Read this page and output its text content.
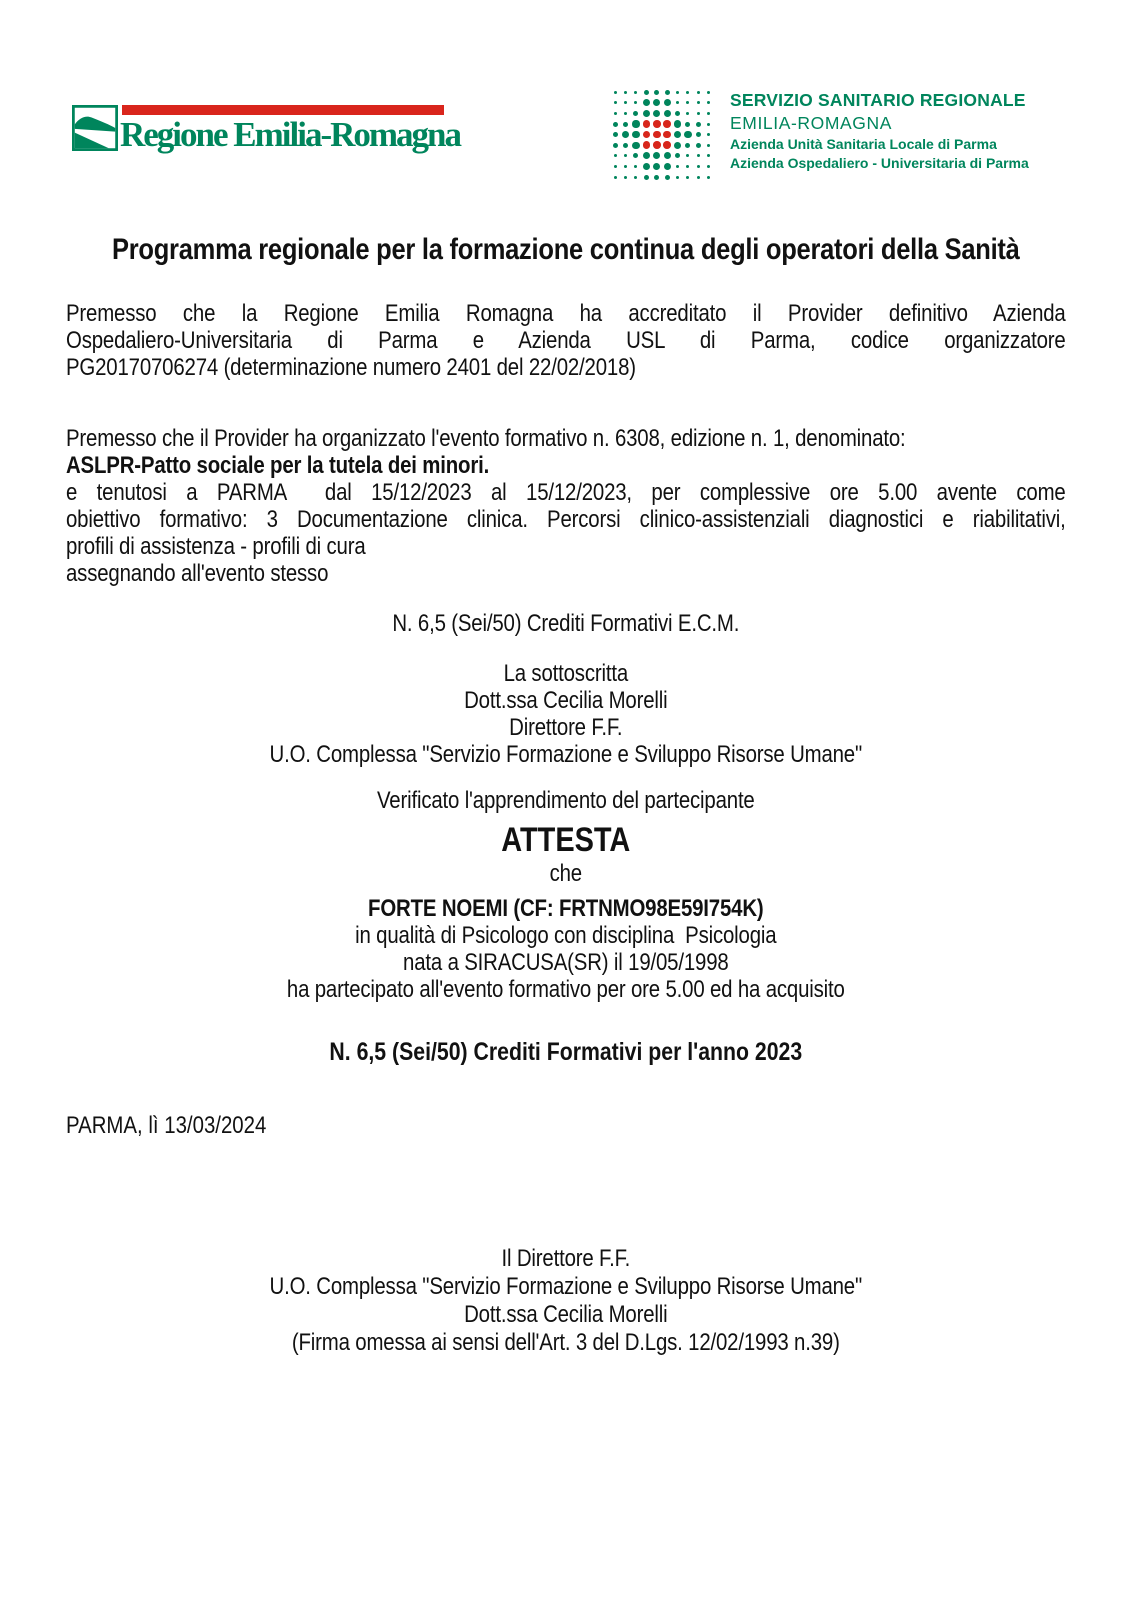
Regione Emilia-Romagna
SERVIZIO SANITARIO REGIONALE
EMILIA-ROMAGNA
Azienda Unità Sanitaria Locale di Parma
Azienda Ospedaliero - Universitaria di Parma
Programma regionale per la formazione continua degli operatori della Sanità
Premesso che la Regione Emilia Romagna ha accreditato il Provider definitivo Azienda
Ospedaliero-Universitaria di Parma e Azienda USL di Parma, codice organizzatore
PG20170706274 (determinazione numero 2401 del 22/02/2018)
Premesso che il Provider ha organizzato l'evento formativo n. 6308, edizione n. 1, denominato:
ASLPR-Patto sociale per la tutela dei minori.
e tenutosi a PARMA  dal 15/12/2023 al 15/12/2023, per complessive ore 5.00 avente come
obiettivo formativo: 3 Documentazione clinica. Percorsi clinico-assistenziali diagnostici e riabilitativi,
profili di assistenza - profili di cura
assegnando all'evento stesso
N. 6,5 (Sei/50) Crediti Formativi E.C.M.
La sottoscritta
Dott.ssa Cecilia Morelli
Direttore F.F.
U.O. Complessa "Servizio Formazione e Sviluppo Risorse Umane"
Verificato l'apprendimento del partecipante
ATTESTA
che
FORTE NOEMI (CF: FRTNMO98E59I754K)
in qualità di Psicologo con disciplina  Psicologia
nata a SIRACUSA(SR) il 19/05/1998
ha partecipato all'evento formativo per ore 5.00 ed ha acquisito
N. 6,5 (Sei/50) Crediti Formativi per l'anno 2023
PARMA, lì 13/03/2024
Il Direttore F.F.
U.O. Complessa "Servizio Formazione e Sviluppo Risorse Umane"
Dott.ssa Cecilia Morelli
(Firma omessa ai sensi dell'Art. 3 del D.Lgs. 12/02/1993 n.39)
